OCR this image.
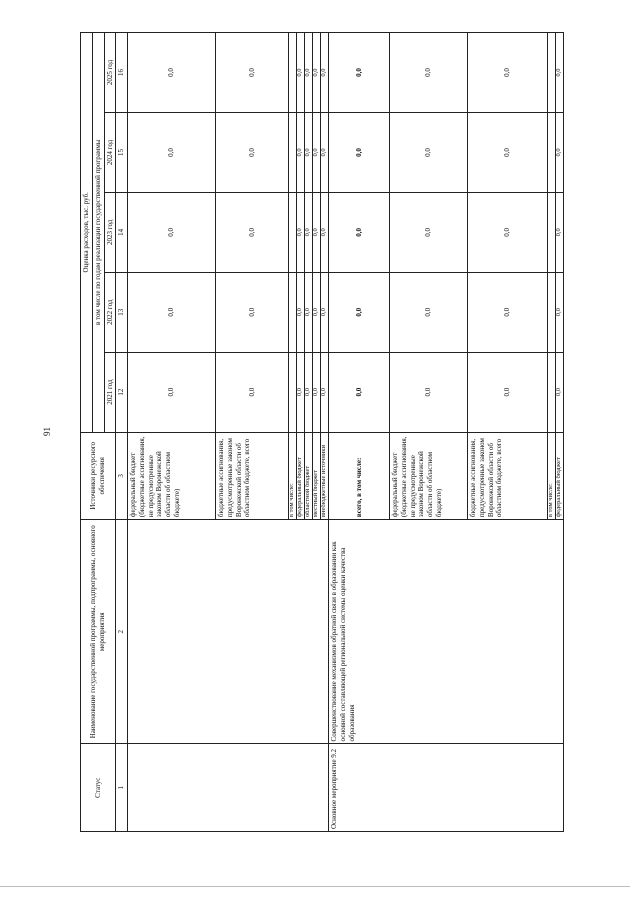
91
Статус	Наименование государственной программы, подпрограммы, основного мероприятия	Источники ресурсного обеспечения	Оценка расходов, тыс. руб.				
			в том числе по годам реализации государственной программы				
			2021 год	2022 год	2023 год	2024 год	2025 год
1	2	3	12	13	14	15	16
		федеральный бюджет (бюджетные ассигнования, не предусмотренные законом Воронежской области об областном бюджете)	0,0	0,0	0,0	0,0	0,0
		бюджетные ассигнования, предусмотренные законом Воронежской области об областном бюджете, всего	0,0	0,0	0,0	0,0	0,0
		в том числе:					
		федеральный бюджет	0,0	0,0	0,0	0,0	0,0
		областной бюджет	0,0	0,0	0,0	0,0	0,0
		местный бюджет	0,0	0,0	0,0	0,0	0,0
		внебюджетные источники	0,0	0,0	0,0	0,0	0,0
Основное мероприятие 9.2	Совершенствование механизмов обратной связи в образовании как основной составляющей региональной системы оценки качества образования	всего, в том числе:	0,0	0,0	0,0	0,0	0,0
		федеральный бюджет (бюджетные ассигнования, не предусмотренные законом Воронежской области об областном бюджете)	0,0	0,0	0,0	0,0	0,0
		бюджетные ассигнования, предусмотренные законом Воронежской области об областном бюджете, всего	0,0	0,0	0,0	0,0	0,0
		в том числе:					
		федеральный бюджет	0,0	0,0	0,0	0,0	0,0
